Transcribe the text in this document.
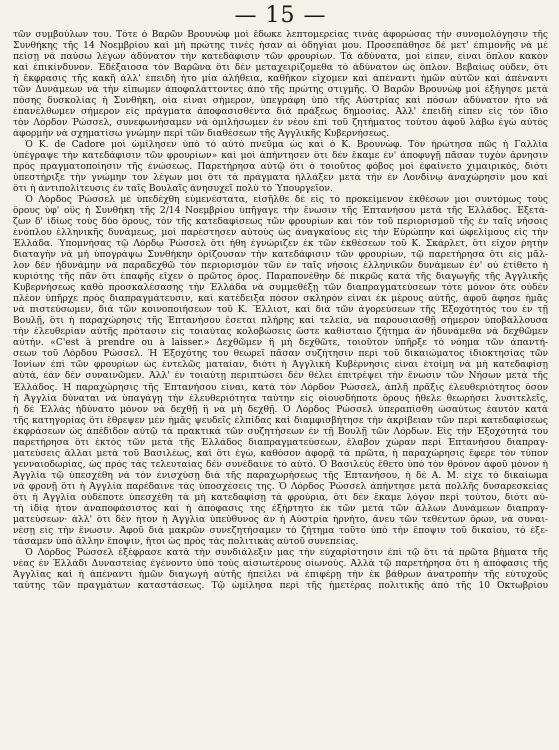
— 15 —
τῶν συμβούλων του. Τότε ὁ Βαρῶν Βρουνὼφ μοὶ ἔδωκε λεπτομερείας τινὰς ἀφορώσας τὴν συνομολόγησιν τῆς
Συνθήκης τῆς 14 Νοεμβρίου καὶ μὴ πρώτης τινὲς ἦσαν αἱ ὁδηγίαι μου. Προσεπάθησε δὲ μετ' ἐπιμονῆς νὰ μὲ
πείσῃ νὰ παύσω λέγων ἀδύνατον τὴν κατεδάφισιν τῶν φρουρίων. Τὰ ἀδύνατα, μοὶ εἶπεν, εἶναι ὅπλον κακὸν
καὶ ἐπικίνδυνον. Ἐδέξαιοσα τὸν Βαρῶνα ὅτι δὲν μεταχειρίζομεθα τὸ ἀδύνατον ὡς ὅπλον. Βεβαίως οὐδεν, ὅτι
ἡ ἔκφρασις τῆς κακῆ ἀλλ' ἐπειδὴ ἦτο μία ἀλήθεια, καθῆκον εἴχομεν καὶ ἀπέναντι ἡμῶν αὐτῶν καὶ ἀπέναντι
τῶν Δυνάμεων νὰ τὴν εἴπωμεν ἀποφαλάττοντες ἀπὸ τῆς πρώτης στιγμῆς. Ὁ Βαρῶν Βρουνὼφ μοὶ ἐξήγησε μετὰ
πόσης δυσκολίας ἡ Συνθήκη, οἷα εἶναι σήμερον, ὑπεγράφη ὑπὸ τῆς Αὐστρίας καὶ πόσων ἀδύνατον ἦτο νὰ
ἐπανέλθωμεν σήμερον εἰς πράγματα ἀποφασισθέντα διὰ πράξεως δημοσίας. Ἀλλ' ἐπειδὴ εἶπεν εἰς τὸν ἴδιο
τὸν Λόρδον Ῥώσσελ, συνεφωνήσαμεν νὰ ὁμιλήσωμεν ἐν νέου ἐπὶ τοῦ ζητήματος τούτου ἀφοῦ λάβω ἐγὼ αὐτὸς
ἀφορμὴν νὰ σχηματίσω γνώμην περὶ τῶν διαθέσεων τῆς Ἀγγλικῆς Κυβερνήσεως.
Ὁ Κ. de Cadore μοὶ ὡμίλησεν ὑπὸ τὸ αὐτὸ πνεῦμα ὡς καὶ ὁ Κ. Βρουνὼφ. Τὸν ἠρώτησα πῶς ἡ Γαλλία
ὑπέγραψε τὴν κατεδάφισιν τῶν φρουρίων» καὶ μοὶ ἀπήντησεν ὅτι δὲν ἔκαμε ἐν' ἀποφυγῇ πᾶσαν τυχὸν ἄρνησιν
πρὸς πραγματοποίησιν τῆς ἑνώσεως. Παρετήρησα αὐτῷ ὅτι ὁ τοιοῦτος φόβος μοὶ ἐφαίνετο χιμαιρικός, διότι
ὑπεστήριξε τὴν γνώμην τον λέγων μοι ὅτι τὰ πράγματα ἠλλάξεν μετὰ τὴν ἐν Λονδίνῳ ἀναχώρησίν μου καὶ
ὅτι ἡ ἀντιπολίτευσις ἐν ταῖς Βουλαῖς ἀνησυχεῖ πολὺ τὸ Ὑπουργεῖον.
Ὁ Λόρδος Ῥώσσελ μὲ ὑπεδέχθη εὐμενέστατα, εἰσῆλθε δὲ εἰς τὸ προκείμενον ἐκθέσων μοι συντόμως τοὺς
ὅρους ὑφ' οὓς ἡ Συνθήκη τῆς 2/14 Νοεμβρίου ὑπῆγαγε τὴν ἕνωσιν τῆς Ἑπτανήσου μετὰ τῆς Ἑλλάδος. Ἐξετά-
ζων δ' ἰδίως τοὺς δύο ὅρους, τὸν τῆς κατεδαφίσεως τῶν φρουρίων καὶ τὸν τοῦ περιορισμοῦ τῆς ἐν ταῖς νήσοις
ἐνόπλου ἑλληνικῆς δυνάμεως, μοὶ παρέστησεν αὐτοὺς ὡς ἀναγκαίους εἰς τὴν Εὐρώπην καὶ ὠφελίμους εἰς τὴν
Ἑλλάδα. Ὑπομνήσας τῷ Λόρδῳ Ῥώσσελ ὅτι ἦθη ἐγνώριζεν ἐκ τῶν ἐκθέσεων τοῦ Κ. Σκάρλετ, ὅτι εἴχον ῥητὴν
διαταγὴν νὰ μὴ ὑπογράψω Συνθήκην ὁρίζουσαν τὴν κατεδάφισιν τῶν φρουρίων, τῷ παρετήρησα ὅτι εἰς μᾶλ-
λον δὲν ἠδυνάμην νὰ παραδεχθῶ τὸν περιορισμὸν τῶν ἐν ταῖς νήσοις ἑλληνικῶν δυνάμεων ἐν' οὐ ἐτίθετο ἡ
κυριότης τῆς πᾶν ὅτι ἐπαφῆς εἴχεν ὁ πρῶτος ὅρος. Παραπονέθην δὲ πικρῶς κατὰ τῆς διαγωγῆς τῆς Ἀγγλικῆς
Κυβερνήσεως καθὸ προσκαλέσασης τὴν Ἑλλάδα νὰ συμμεθέξῃ τῶν διαπραγματεύσεων τότε μόνον ὅτε οὐδὲν
πλέον ὑπῆρχε πρὸς διαπραγμάτευσιν, καὶ κατέδειξα πόσον σκληρὸν εἶναι ἐκ μέρους αὐτῆς, ἀφοῦ ἄφησε ἡμᾶς
νὰ πιστεύσωμεν, διὰ τῶν κοινοποιήσεων τοῦ Κ. Ἔλλιοτ, καὶ διὰ τῶν ἀγορεύσεων τῆς Ἐξοχότητός του ἐν τῇ
Βουλῇ, ὅτι ἡ παραχώρησις τῆς Ἑπτανήσου ἔσεται πλήρης καὶ τελεία, νὰ παρουσιασθῇ σήμερον ὑποβάλλουσα
τὴν ἐλευθερίαν αὐτῆς πρότασιν εἰς τοιαύτας κολοβώσεις ὥστε καθίσταιο ζήτημα ἂν ἠδυνάμεθα νὰ δεχθῶμεν
αὐτήν. «C'est à prendre ou à laisser.» Δεχθῶμεν ἢ μὴ δεχθῶτε, τοιοῦτον ὑπῆρξε τὸ νόημα τῶν ἀπαντή-
σεων τοῦ Λόρδου Ῥώσσελ. Ἡ Ἐξοχότης του θεωρεῖ πᾶσαν συζήτησιν περὶ τοῦ δικαιώματος ἰδιοκτησίας τῶν
Ἰονίων ἐπὶ τῶν φρουρίων ὡς ἐντελῶς ματαίαν, διότι ἡ Ἀγγλικὴ Κυβέρνησις εἶναι ἑτοίμη νὰ μὴ κατεδαφίσῃ
αὐτὰ, ἐὰν δὲν συναινῶμεν. Ἀλλ' ἐν τοιαύτῃ περιπτώσει δὲν θέλει ἐπιτρέψει τὴν ἕνωσιν τῶν Νήσων μετὰ τῆς
Ἑλλάδος. Ἡ παραχώρησις τῆς Ἑπτανήσου εἶναι, κατὰ τὸν Λόρδον Ῥώσσελ, ἁπλῆ πρᾶξις ἐλευθεριότητος ὅσον
ἡ Ἀγγλία δύναται νὰ ὑπαγάγῃ τὴν ἐλευθεριότητα ταύτην εἰς οἱουσδήποτε ὅρους ἤθελε θεωρήσει λυσιτελεῖς,
ἡ δὲ Ἑλλὰς ἠδύνατο μόνον νὰ δεχθῇ ἢ νὰ μὴ δεχθῇ. Ὁ Λόρδος Ῥώσσελ ὑπεραπίσθη ὡσαύτως ἑαυτὸν κατὰ
τῆς κατηγορίας ὅτι ἔθρεψεν μὲν ἡμᾶς ψευδεῖς ἐλπίδας καὶ διαμφισβήτησε τὴν ἀκρίβειαν τῶν περὶ κατεδαφίσεως
ἐκφράσεων ὡς ἀπέδιδον αὐτῷ τὰ πρακτικὰ τῶν συζητήσεων ἐν τῇ Βουλῇ τῶν Λόρδων. Εἰς τὴν Ἐξοχότητά του
παρετήρησα ὅτι ἐκτὸς τῶν μετὰ τῆς Ἑλλάδος διαπραγματεύσεων, ἔλαβον χώραν περὶ Ἑπτανήσου διαπραγ-
ματεύσεις ἄλλαι μετὰ τοῦ Βασιλέως, καὶ ὅτι ἐγὼ, καθόσον ἀφορᾷ τὰ πρῶτα, ἡ παραχώρησις ἔφερε τὸν τύπον
γενναιοδωρίας, ὡς πρὸς τὰς τελευταίας δὲν συνέδαινε τὸ αὐτό. Ὁ Βασιλεὺς ἔθετο ὑπὸ τὸν θρόνον ἀφοῦ μόνον ἡ
Ἀγγλία τῷ ὑπεσχέθη νὰ τὸν ἐνισχύσῃ διὰ τῆς παραχωρήσεως τῆς Ἑπτανήσου, ἡ δὲ Α. Μ. εἶχε τὸ δικαίωμα
νὰ φρονῇ ὅτι ἡ Ἀγγλία παρέδαινε τὰς ὑποσχέσεις της. Ὁ Λόρδος Ῥώσσελ ἀπήντησε μετὰ πολλῆς δυσαρεσκείας
ὅτι ἡ Ἀγγλία οὐδέποτε ὑπεσχέθη τὰ μὴ κατεδαφίσῃ τὰ φρούρια, ὅτι δὲν ἔκαμε λόγον περὶ τούτου, διότι αὐ-
τὴ ἰδίᾳ ἦτον ἀναποφάσιστος καὶ ἡ ἀπόφασις της ἐξήρτητο ἐκ τῶν μετὰ τῶν ἄλλων Δυνάμεων διαπραγ-
ματεύσεων· ἀλλ' ὅτι δὲν ἦτον ἡ Ἀγγλία ὑπεύθυνος ἂν ἡ Αὐστρία ἠρνήτο, ἄνευ τῶν τεθέντων ὅρων, νὰ συναι-
νέσῃ εἰς τὴν ἕνωσιν. Ἀφοῦ διὰ μακρῶν συνεζητήσαμεν τὸ ζήτημα τοῦτο ὑπὸ τὴν ἔποψιν τοῦ δικαίου, τὸ ἐξε-
τάσαμεν ὑπὸ ἄλλην ἔποψιν, ἤτοι ὡς πρὸς τὰς πολιτικὰς αὐτοῦ συνεπείας.
Ὁ Λόρδος Ῥώσσελ ἐξέφρασε κατὰ τὴν συνδιάλεξιν μας τὴν εὐχαρίστησιν ἐπὶ τῷ ὅτι τὰ πρῶτα βήματα τῆς
νέας ἐν Ἑλλάδι Δυναστείας ἐγένοντο ὑπὸ τοὺς αἰσιωτέρους οἰωνούς. Ἀλλὰ τῷ παρετήρησα ὅτι ἡ ἀπόφασις τῆς
Ἀγγλίας καὶ ἡ ἀπέναντι ἡμῶν διαγωγὴ αὐτῆς ἠπείλει νὰ ἐπιφέρῃ τὴν ἐκ βάθρων ἀνατροπὴν τῆς εὐτυχοῦς
ταύτης τῶν πραγμάτων καταστάσεως. Τῷ ὡμίλησα περὶ τῆς ἡμετέρας πολιτικῆς ἀπὸ τῆς 10 Ὀκτωβρίου
